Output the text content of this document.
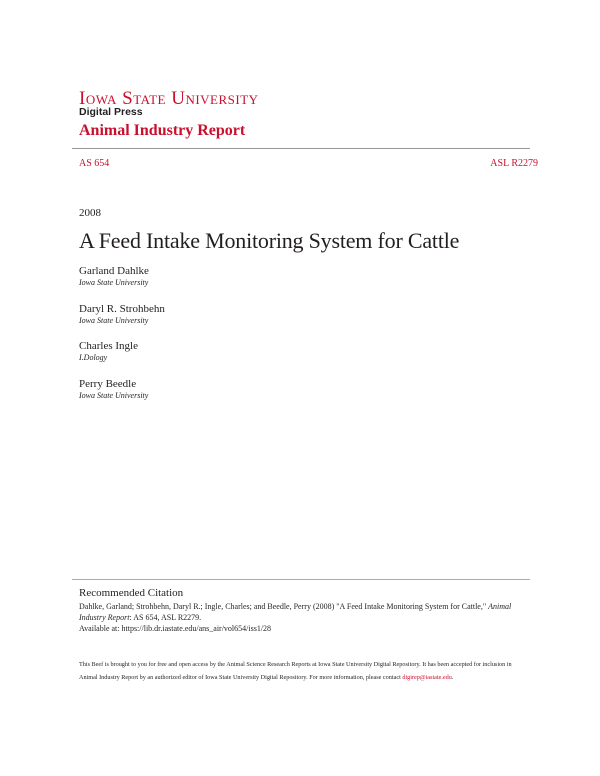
Iowa State University
Digital Press
Animal Industry Report
AS 654	ASL R2279
2008
A Feed Intake Monitoring System for Cattle
Garland Dahlke
Iowa State University
Daryl R. Strohbehn
Iowa State University
Charles Ingle
I.Dology
Perry Beedle
Iowa State University
Recommended Citation
Dahlke, Garland; Strohbehn, Daryl R.; Ingle, Charles; and Beedle, Perry (2008) "A Feed Intake Monitoring System for Cattle," Animal Industry Report: AS 654, ASL R2279.
Available at: https://lib.dr.iastate.edu/ans_air/vol654/iss1/28
This Beef is brought to you for free and open access by the Animal Science Research Reports at Iowa State University Digital Repository. It has been accepted for inclusion in Animal Industry Report by an authorized editor of Iowa State University Digital Repository. For more information, please contact digirep@iastate.edu.
